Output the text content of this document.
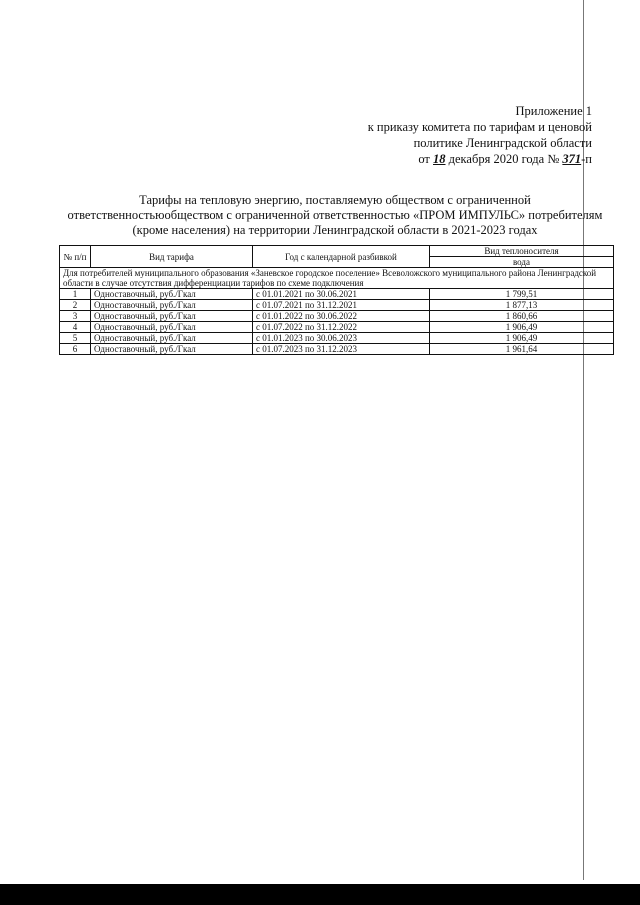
Приложение 1
к приказу комитета по тарифам и ценовой
политике Ленинградской области
от 18 декабря 2020 года № 371-п
Тарифы на тепловую энергию, поставляемую обществом с ограниченной
ответственностьюобществом с ограниченной ответственностью «ПРОМ ИМПУЛЬС» потребителям
(кроме населения) на территории Ленинградской области в 2021-2023 годах
№ п/п	Вид тарифа	Год с календарной разбивкой	Вид теплоносителя
			вода
Для потребителей муниципального образования «Заневское городское поселение» Всеволожского муниципального района Ленинградской области в случае отсутствия дифференциации тарифов по схеме подключения			
1	Одноставочный, руб./Гкал	с 01.01.2021 по 30.06.2021	1 799,51
2	Одноставочный, руб./Гкал	с 01.07.2021 по 31.12.2021	1 877,13
3	Одноставочный, руб./Гкал	с 01.01.2022 по 30.06.2022	1 860,66
4	Одноставочный, руб./Гкал	с 01.07.2022 по 31.12.2022	1 906,49
5	Одноставочный, руб./Гкал	с 01.01.2023 по 30.06.2023	1 906,49
6	Одноставочный, руб./Гкал	с 01.07.2023 по 31.12.2023	1 961,64
